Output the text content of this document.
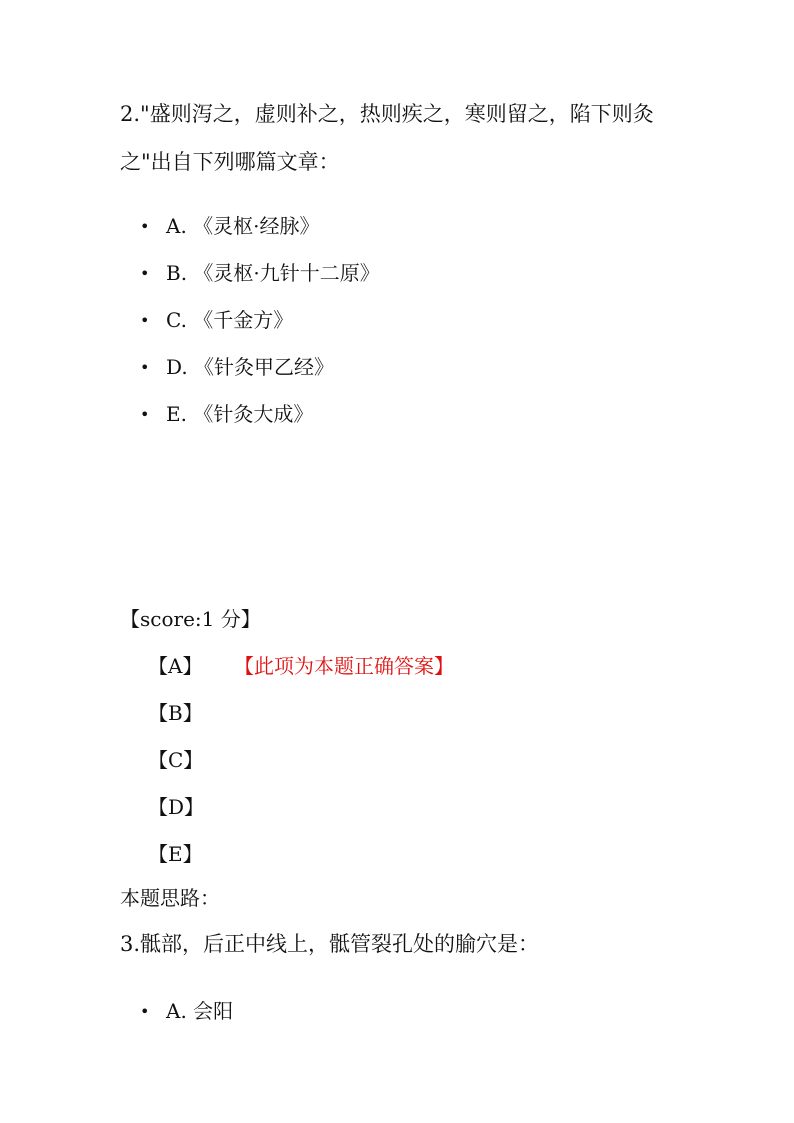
2."盛则泻之，虚则补之，热则疾之，寒则留之，陷下则灸之"出自下列哪篇文章：

• A. 《灵枢·经脉》
• B. 《灵枢·九针十二原》
• C. 《千金方》
• D. 《针灸甲乙经》
• E. 《针灸大成》
【score:1 分】
【A】 【此项为本题正确答案】
【B】
【C】
【D】
【E】
本题思路：

3.骶部，后正中线上，骶管裂孔处的腧穴是：

• A. 会阳
